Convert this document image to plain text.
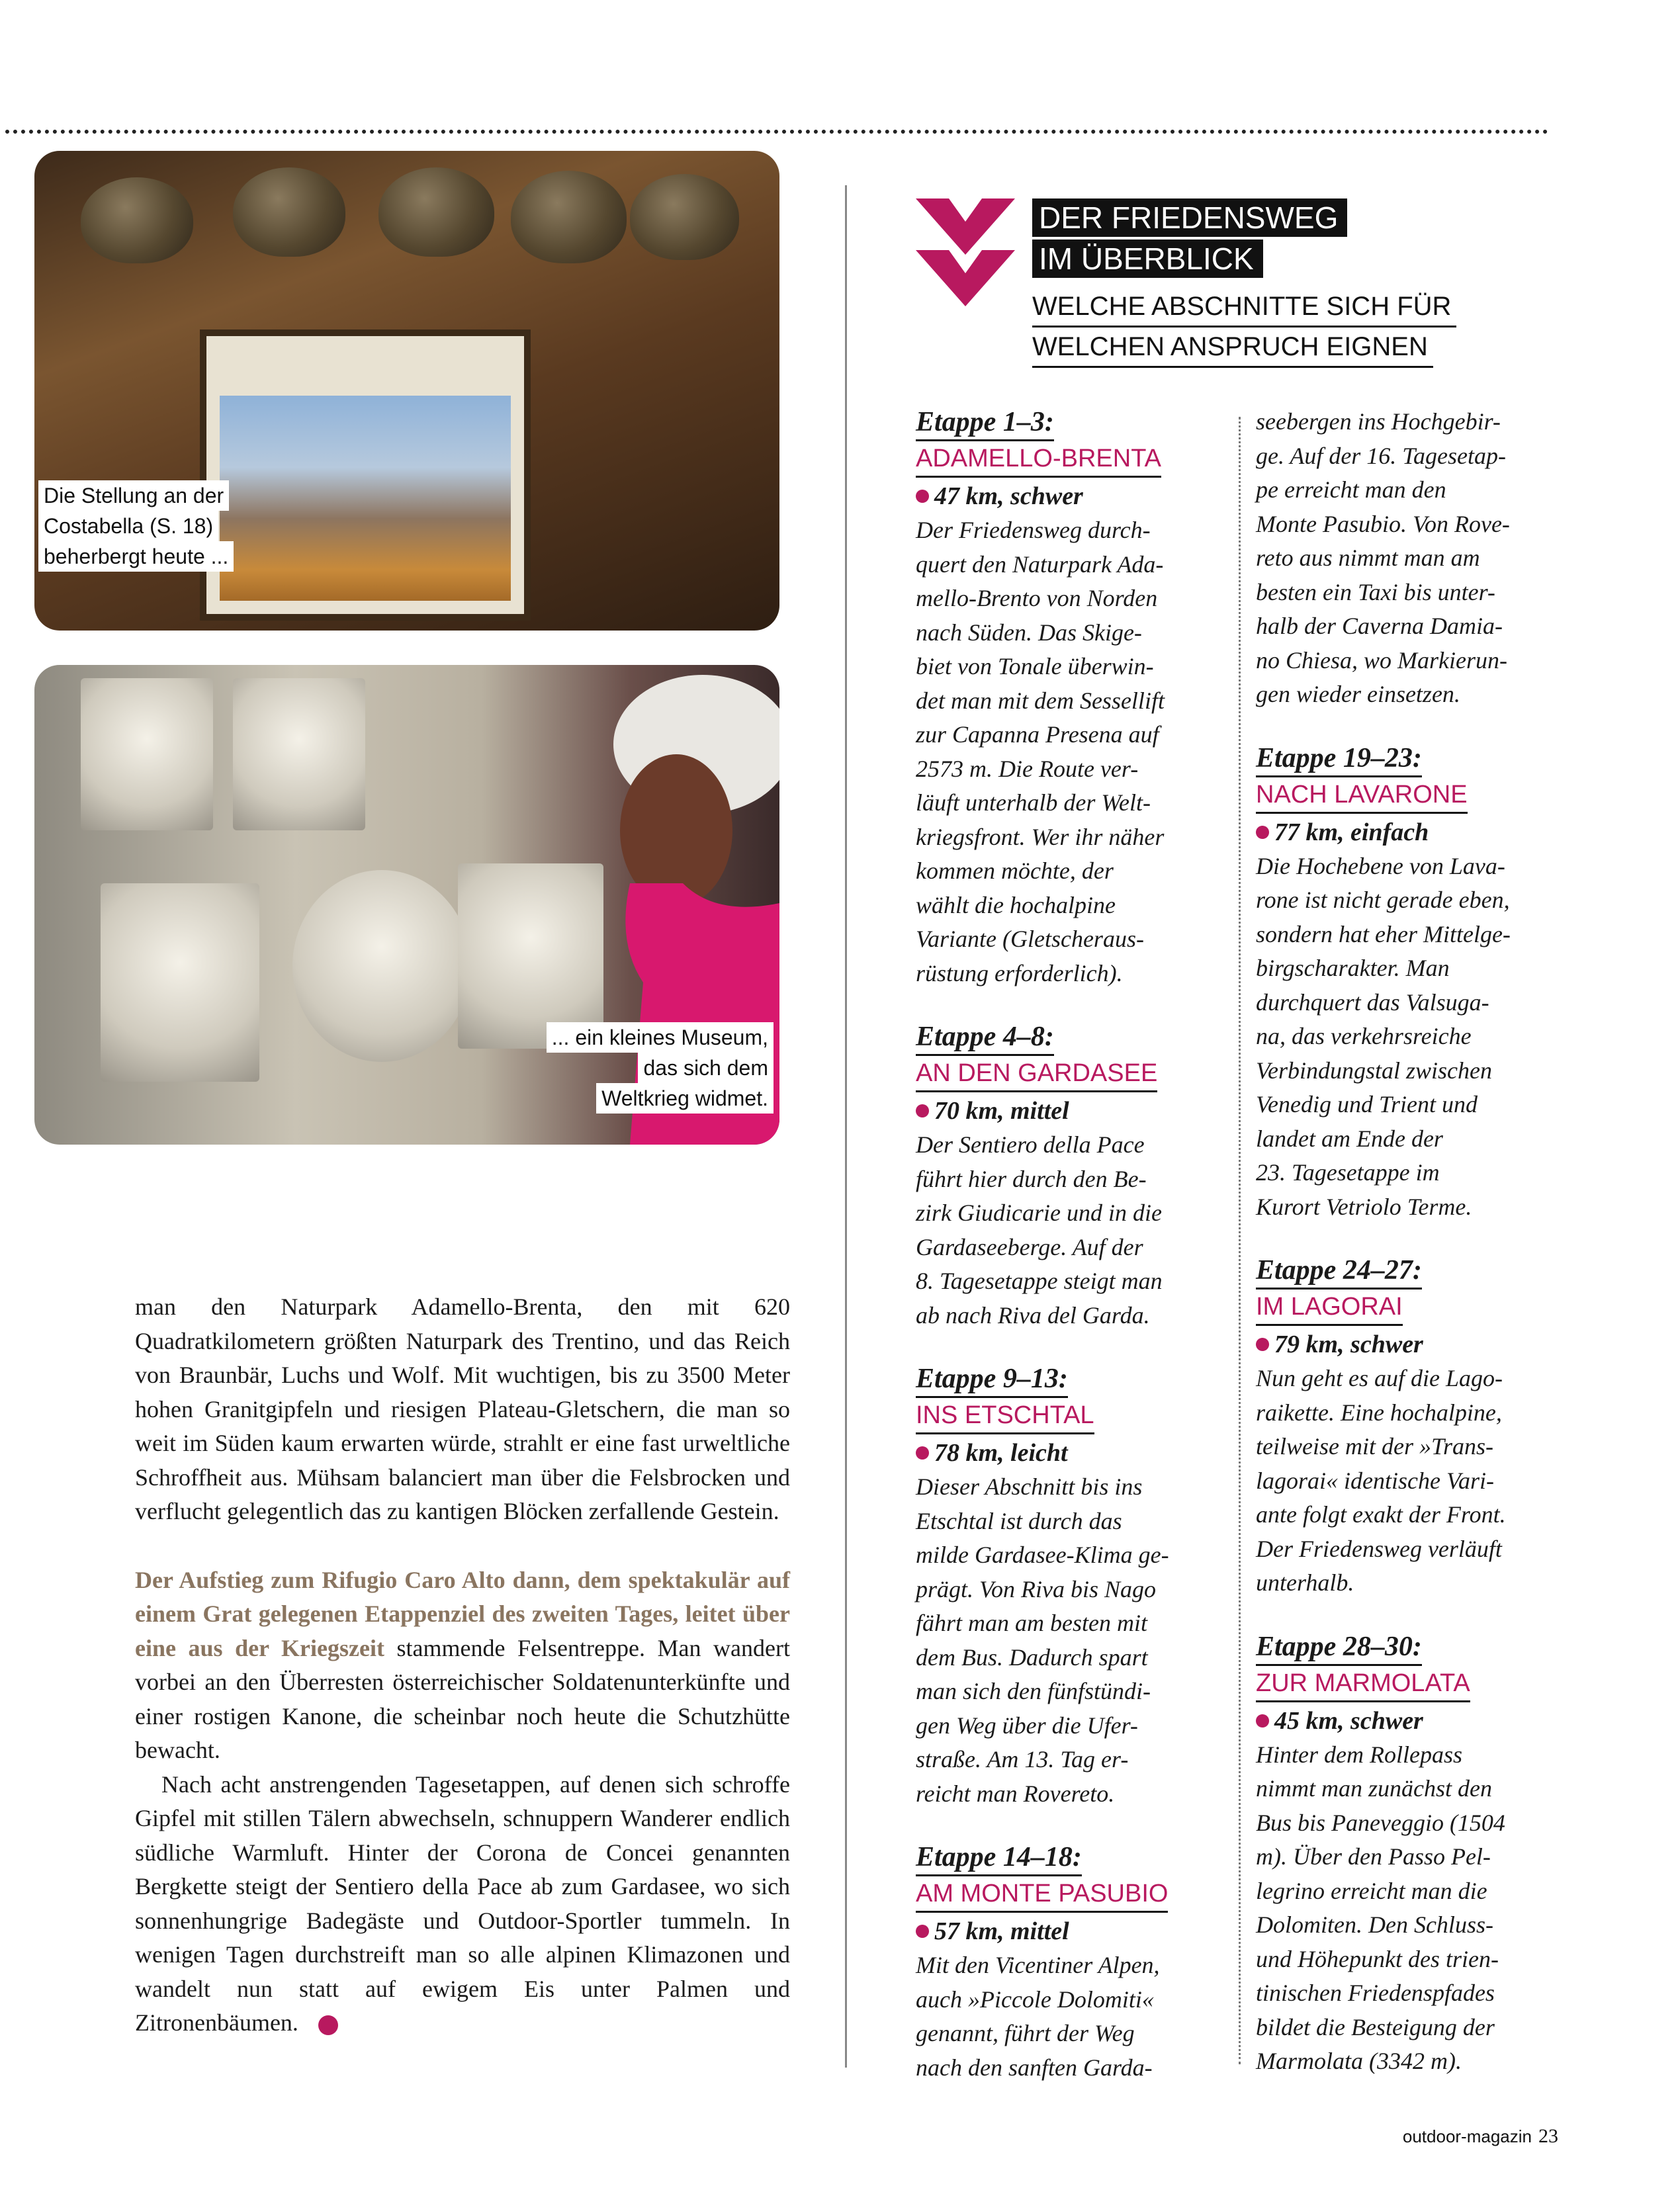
Die Stellung an der
Costabella (S. 18)
beherbergt heute ...
... ein kleines Museum,
das sich dem
Weltkrieg widmet.

man den Naturpark Adamello-Brenta, den mit 620 Quadratkilometern größten Naturpark des Trentino, und das Reich von Braunbär, Luchs und Wolf. Mit wuchtigen, bis zu 3500 Meter hohen Granitgipfeln und riesigen Plateau-Gletschern, die man so weit im Süden kaum erwarten würde, strahlt er eine fast urweltliche Schroffheit aus. Mühsam balanciert man über die Felsbrocken und verflucht gelegentlich das zu kantigen Blöcken zerfallende Gestein.

Der Aufstieg zum Rifugio Caro Alto dann, dem spektakulär auf einem Grat gelegenen Etappenziel des zweiten Tages, leitet über eine aus der Kriegszeit stammende Felsentreppe. Man wandert vorbei an den Überresten österreichischer Soldatenunterkünfte und einer rostigen Kanone, die scheinbar noch heute die Schutzhütte bewacht.

Nach acht anstrengenden Tagesetappen, auf denen sich schroffe Gipfel mit stillen Tälern abwechseln, schnuppern Wanderer endlich südliche Warmluft. Hinter der Corona de Concei genannten Bergkette steigt der Sentiero della Pace ab zum Gardasee, wo sich sonnenhungrige Badegäste und Outdoor-Sportler tummeln. In wenigen Tagen durchstreift man so alle alpinen Klimazonen und wandelt nun statt auf ewigem Eis unter Palmen und Zitronenbäumen.	»

DER FRIEDENSWEG
IM ÜBERBLICK
WELCHE ABSCHNITTE SICH FÜR
WELCHEN ANSPRUCH EIGNEN
Etappe 1–3:
ADAMELLO-BRENTA
47 km, schwer
Der Friedensweg durch-
quert den Naturpark Ada-
mello-Brento von Norden
nach Süden. Das Skige-
biet von Tonale überwin-
det man mit dem Sessellift
zur Capanna Presena auf
2573 m. Die Route ver-
läuft unterhalb der Welt-
kriegsfront. Wer ihr näher
kommen möchte, der
wählt die hochalpine
Variante (Gletscheraus-
rüstung erforderlich).
Etappe 4–8:
AN DEN GARDASEE
70 km, mittel
Der Sentiero della Pace
führt hier durch den Be-
zirk Giudicarie und in die
Gardaseeberge. Auf der
8. Tagesetappe steigt man
ab nach Riva del Garda.
Etappe 9–13:
INS ETSCHTAL
78 km, leicht
Dieser Abschnitt bis ins
Etschtal ist durch das
milde Gardasee-Klima ge-
prägt. Von Riva bis Nago
fährt man am besten mit
dem Bus. Dadurch spart
man sich den fünfstündi-
gen Weg über die Ufer-
straße. Am 13. Tag er-
reicht man Rovereto.
Etappe 14–18:
AM MONTE PASUBIO
57 km, mittel
Mit den Vicentiner Alpen,
auch »Piccole Dolomiti«
genannt, führt der Weg
nach den sanften Garda-
seebergen ins Hochgebir-
ge. Auf der 16. Tagesetap-
pe erreicht man den
Monte Pasubio. Von Rove-
reto aus nimmt man am
besten ein Taxi bis unter-
halb der Caverna Damia-
no Chiesa, wo Markierun-
gen wieder einsetzen.
Etappe 19–23:
NACH LAVARONE
77 km, einfach
Die Hochebene von Lava-
rone ist nicht gerade eben,
sondern hat eher Mittelge-
birgscharakter. Man
durchquert das Valsuga-
na, das verkehrsreiche
Verbindungstal zwischen
Venedig und Trient und
landet am Ende der
23. Tagesetappe im
Kurort Vetriolo Terme.
Etappe 24–27:
IM LAGORAI
79 km, schwer
Nun geht es auf die Lago-
raikette. Eine hochalpine,
teilweise mit der »Trans-
lagorai« identische Vari-
ante folgt exakt der Front.
Der Friedensweg verläuft
unterhalb.
Etappe 28–30:
ZUR MARMOLATA
45 km, schwer
Hinter dem Rollepass
nimmt man zunächst den
Bus bis Paneveggio (1504
m). Über den Passo Pel-
legrino erreicht man die
Dolomiten. Den Schluss-
und Höhepunkt des trien-
tinischen Friedenspfades
bildet die Besteigung der
Marmolata (3342 m).
outdoor-magazin 23
